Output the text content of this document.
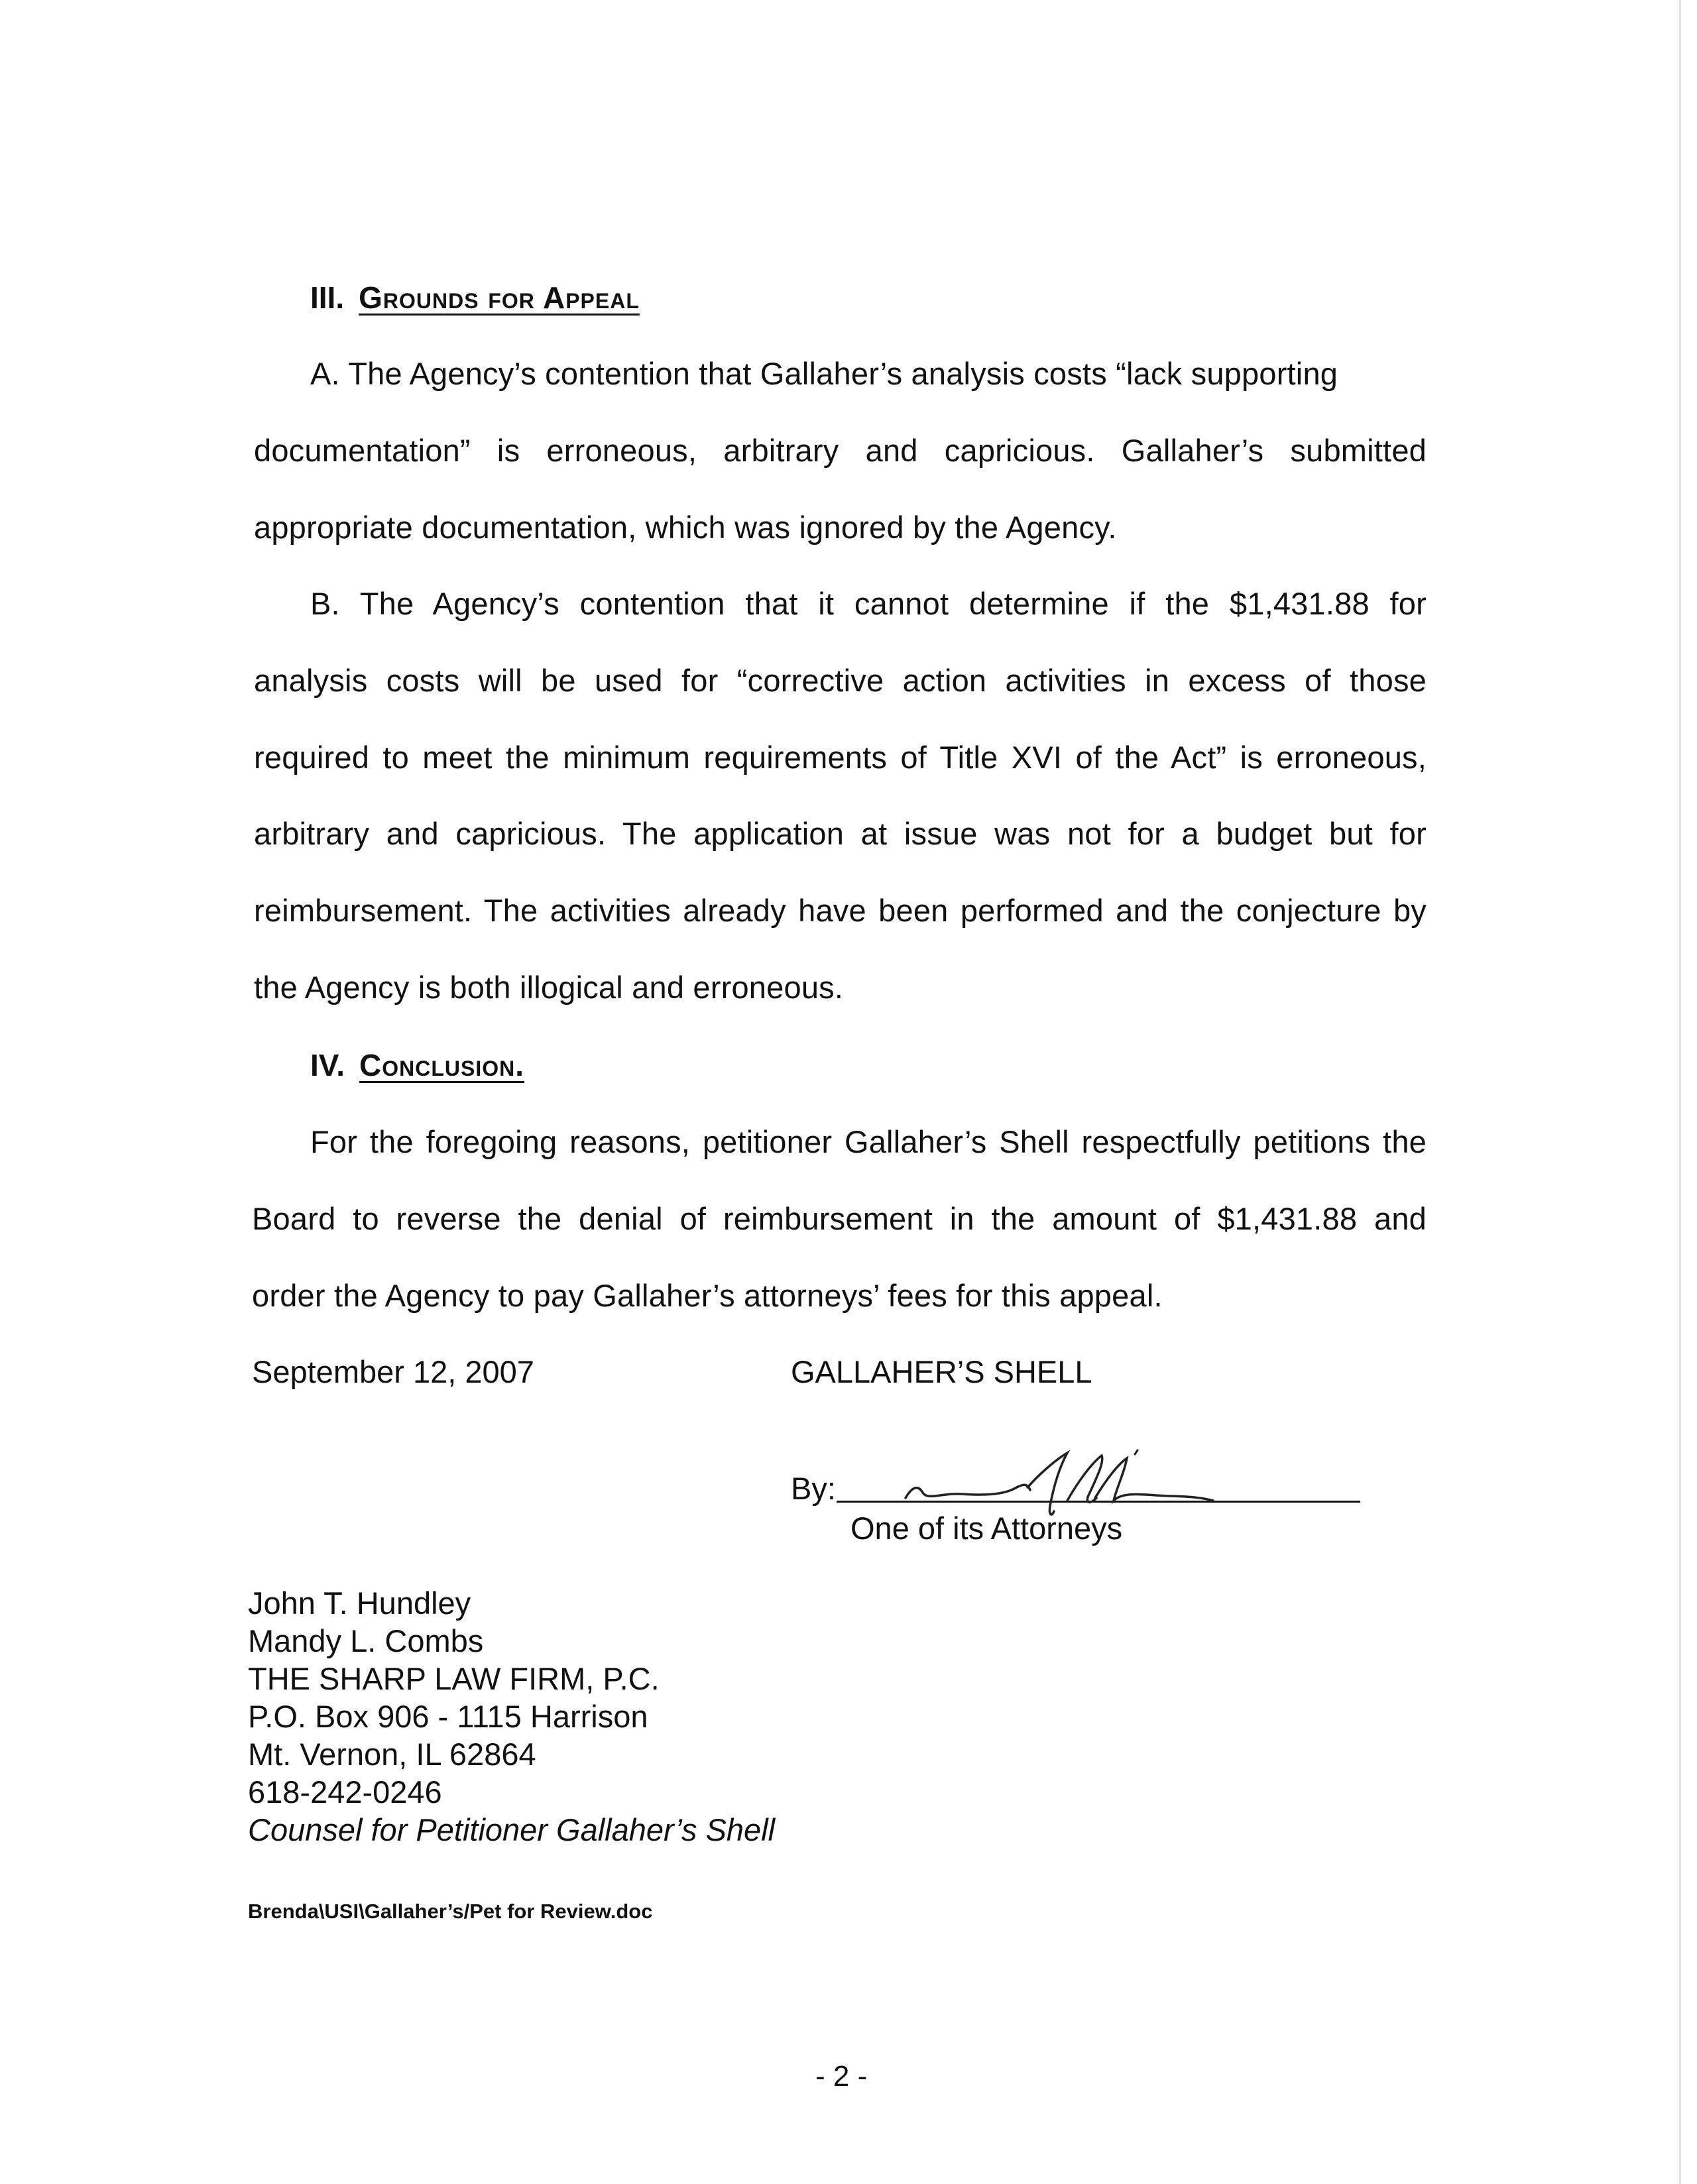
III. Grounds for Appeal
A. The Agency’s contention that Gallaher’s analysis costs “lack supporting
documentation” is erroneous, arbitrary and capricious. Gallaher’s submitted
appropriate documentation, which was ignored by the Agency.
B. The Agency’s contention that it cannot determine if the $1,431.88 for
analysis costs will be used for “corrective action activities in excess of those
required to meet the minimum requirements of Title XVI of the Act” is erroneous,
arbitrary and capricious. The application at issue was not for a budget but for
reimbursement. The activities already have been performed and the conjecture by
the Agency is both illogical and erroneous.
IV. Conclusion.
For the foregoing reasons, petitioner Gallaher’s Shell respectfully petitions the
Board to reverse the denial of reimbursement in the amount of $1,431.88 and
order the Agency to pay Gallaher’s attorneys’ fees for this appeal.
September 12, 2007	GALLAHER’S SHELL
By:
One of its Attorneys
John T. Hundley
Mandy L. Combs
THE SHARP LAW FIRM, P.C.
P.O. Box 906 - 1115 Harrison
Mt. Vernon, IL 62864
618-242-0246
Counsel for Petitioner Gallaher’s Shell
Brenda\USI\Gallaher’s/Pet for Review.doc
- 2 -
